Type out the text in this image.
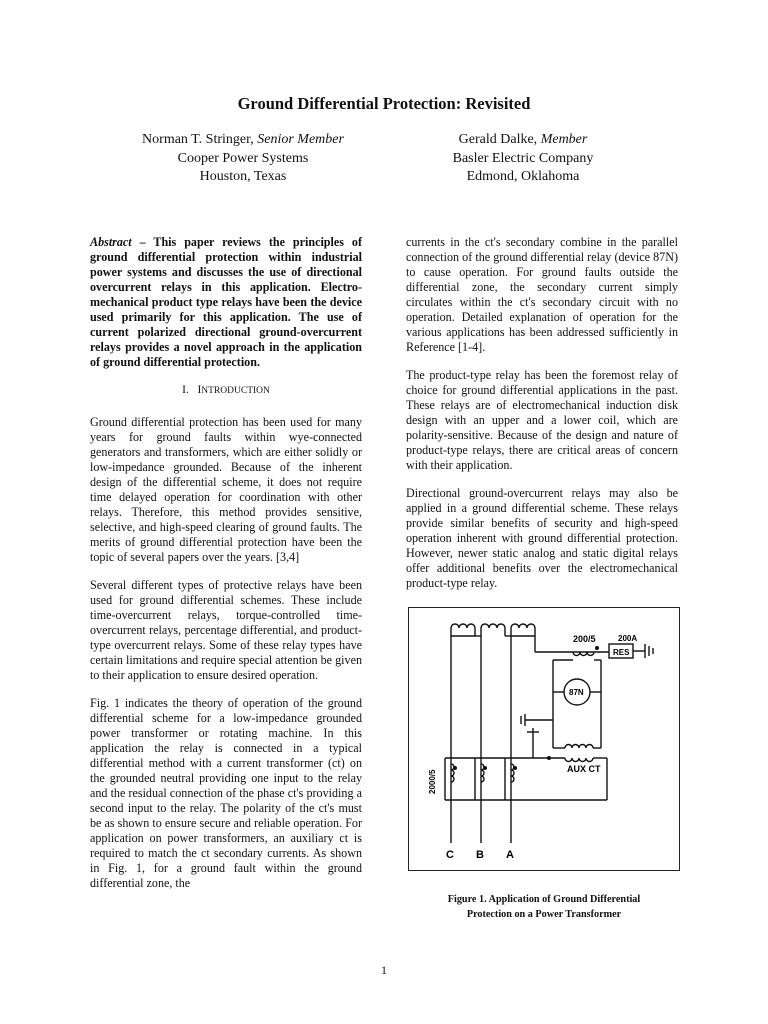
Ground Differential Protection: Revisited
Norman T. Stringer, Senior Member
Cooper Power Systems
Houston, Texas
Gerald Dalke, Member
Basler Electric Company
Edmond, Oklahoma

Abstract – This paper reviews the principles of ground differential protection within industrial power systems and discusses the use of directional overcurrent relays in this application. Electro-mechanical product type relays have been the device used primarily for this application. The use of current polarized directional ground-overcurrent relays provides a novel approach in the application of ground differential protection.

I. INTRODUCTION

Ground differential protection has been used for many years for ground faults within wye-connected generators and transformers, which are either solidly or low-impedance grounded. Because of the inherent design of the differential scheme, it does not require time delayed operation for coordination with other relays. Therefore, this method provides sensitive, selective, and high-speed clearing of ground faults. The merits of ground differential protection have been the topic of several papers over the years. [3,4]

Several different types of protective relays have been used for ground differential schemes. These include time-overcurrent relays, torque-controlled time-overcurrent relays, percentage differential, and product-type overcurrent relays. Some of these relay types have certain limitations and require special attention be given to their application to ensure desired operation.

Fig. 1 indicates the theory of operation of the ground differential scheme for a low-impedance grounded power transformer or rotating machine. In this application the relay is connected in a typical differential method with a current transformer (ct) on the grounded neutral providing one input to the relay and the residual connection of the phase ct's providing a second input to the relay. The polarity of the ct's must be as shown to ensure secure and reliable operation. For application on power transformers, an auxiliary ct is required to match the ct secondary currents. As shown in Fig. 1, for a ground fault within the ground differential zone, the

currents in the ct's secondary combine in the parallel connection of the ground differential relay (device 87N) to cause operation. For ground faults outside the differential zone, the secondary current simply circulates within the ct's secondary circuit with no operation. Detailed explanation of operation for the various applications has been addressed sufficiently in Reference [1-4].

The product-type relay has been the foremost relay of choice for ground differential applications in the past. These relays are of electromechanical induction disk design with an upper and a lower coil, which are polarity-sensitive. Because of the design and nature of product-type relays, there are critical areas of concern with their application.

Directional ground-overcurrent relays may also be applied in a ground differential scheme. These relays provide similar benefits of security and high-speed operation inherent with ground differential protection. However, newer static analog and static digital relays offer additional benefits over the electromechanical product-type relay.

200/5	200A
RES
87N
AUX CT
2000/5
C B A
Figure 1. Application of Ground Differential
Protection on a Power Transformer
1
